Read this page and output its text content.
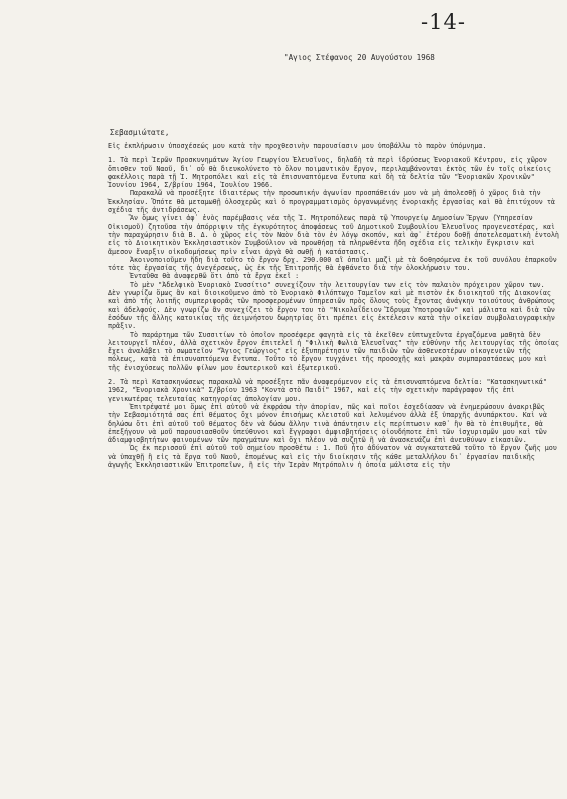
-14-
"Αγιος Στέφανος 20 Αυγούστου 1968
Σεβασμιώτατε,

Εἰς ἐκπλήρωσιν ὑποσχέσεώς μου κατὰ τὴν προχθεσινὴν παρουσίασιν μου ὑποβάλλω τὸ παρὸν ὑπόμνημα.

1. Τὰ περὶ Ἱερῶν Προσκυνημάτων Ἁγίου Γεωργίου Ἐλευσῖνος, δηλαδὴ τὰ περὶ ἱδρύσεως Ἐνοριακοῦ Κέντρου, εἰς χῶρον ὄπισθεν τοῦ Ναοῦ, δι᾽ οὗ θὰ διευκολύνετο τὸ ὅλον ποιμαντικὸν ἔργον, περιλαμβάνονται ἐκτὸς τῶν ἐν τοῖς οἰκείοις φακέλλοις παρὰ τῇ Ἱ. Μητροπόλει καὶ εἰς τὰ ἐπισυναπτόμενα ἔντυπα καὶ δὴ τὰ δελτία τῶν "Ἐνοριακῶν Χρονικῶν" Ἰουνίου 1964, Σ/βρίου 1964, Ἰουλίου 1966.

Παρακαλῶ νὰ προσέξητε ἰδιαιτέρως τὴν προσωπικήν ἀγωνίαν προσπάθειάν μου νὰ μὴ ἀπολεσθῇ ὁ χῶρος διὰ τὴν Ἐκκλησίαν. Ὅπότε θὰ μεταμωθῇ ὁλοσχερῶς καὶ ὁ προγραμματισμὸς ὀργανωμένης ἐνοριακῆς ἐργασίας καὶ θὰ ἐπιτύχουν τὰ σχέδια τῆς ἀντιδράσεως.

Ἂν ὅμως γίνει ἀφ᾽ ἑνὸς παρέμβασις νέα τῆς Ἱ. Μητροπόλεως παρὰ τῷ Ὑπουργείῳ Δημοσίων Ἔργων (Ὑπηρεσίαν Οἰκισμοῦ) ζητοῦσα τὴν ἀπόρριψιν τῆς ἐγκυρότητος ἀποφάσεως τοῦ Δημοτικοῦ Συμβουλίου Ἐλευσῖνος προγενεστέρας, καὶ τὴν παραχώρησιν διὰ Β. Δ. ὁ χῶρος εἰς τὸν Ναὸν διὰ τὸν ἐν λόγῳ σκοπόν, καὶ ἀφ᾽ ἑτέρου δοθῇ ἀποτελεσματικὴ ἐντολὴ εἰς τὸ Διοικητικὸν Ἐκκλησιαστικὸν Συμβούλιον νὰ προωθήσῃ τὰ πληρωθέντα ἤδη σχέδια εἰς τελικὴν ἔγκρισιν καὶ ἄμεσον ἔναρξιν οἰκοδομήσεως πρὶν εἶναι ἀργὰ θὰ σωθῇ ἡ κατάστασις.

Ἀκοινοποιοῦμεν ἤδη διὰ τοῦτο τὸ ἔργον δρχ. 290.000 αἳ ὁποῖαι μαζὶ μὲ τὰ δοθησόμενα ἐκ τοῦ συνόλου ἐπαρκοῦν τότε τὰς ἐργασίας τῆς ἀνεγέρσεως, ὡς ἐκ τῆς Ἐπιτροπῆς θὰ ἐφθάνετο διὰ τὴν ὁλοκλήρωσιν του.

Ἐνταῦθα θὰ ἀναφερθῶ ὅτι ἀπὸ τὰ ἔργα ἐκεῖ :

Τὸ μὲν "Ἀδελφικὸ Ἐνοριακὸ Συσσίτιο" συνεχίζουν τὴν λειτουργίαν των εἰς τὸν παλαιὸν πρόχειρον χῶρον των. Δὲν γνωρίζω ὅμως ἂν καὶ διοικοῦμενο ἀπὸ τὸ Ἐνοριακὸ Φιλόπτωχο Ταμεῖον καὶ μὲ πιστὸν ἐκ διοικητοῦ τῆς Διακονίας καὶ ἀπὸ τῆς λοιπῆς συμπεριφορᾶς τῶν προσφερομένων ὑπηρεσιῶν πρὸς ὅλους τοὺς ἔχοντας ἀνάγκην τοιούτους ἀνθρώπους καὶ ἀδελφούς. Δὲν γνωρίζω ἂν συνεχίζει τὸ ἔργον του τὸ "Νικολαΐδειον Ἵδρυμα Ὑποτροφιῶν" καὶ μάλιστα καὶ διὰ τῶν ἐσόδων τῆς ἄλλης κατοικίας τῆς ἀειμνήστου δωρητρίας ὅτι πρέπει εἰς ἐκτέλεσιν κατὰ τὴν οἰκείαν συμβολαιογραφικὴν πρᾶξιν.

Τὸ παράρτημα τῶν Συσσιτίων τὸ ὁποῖον προσέφερε φαγητὰ εἰς τὰ ἐκεῖθεν εὐπτωχεῦντα ἐργαζόμενα μαθητὰ δὲν λειτουργεῖ πλέον, ἀλλὰ σχετικὸν ἔργον ἐπιτελεῖ ἡ "Φιλικὴ Φωλιὰ Ἐλευσῖνας" τὴν εὐθύνην τῆς λειτουργίας τῆς ὁποίας ἔχει ἀναλάβει τὸ σωματεῖον "Ἅγιος Γεώργιος" εἰς ἐξυπηρέτησιν τῶν παιδιῶν τῶν ἀσθενεστέρων οἰκογενειῶν τῆς πόλεως, κατὰ τὰ ἐπισυναπτόμενα ἔντυπα. Τοῦτο τὸ ἔργον τυγχάνει τῆς προσοχῆς καὶ μακρὰν συμπαραστάσεως μου καὶ τῆς ἐνισχύσεως πολλῶν φίλων μου ἐσωτερικοῦ καὶ ἐξωτερικοῦ.

2. Τὰ περὶ Κατασκηνώσεως παρακαλῶ νὰ προσέξητε πᾶν ἀναφερόμενον εἰς τὰ ἐπισυναπτόμενα δελτία: "Κατασκηνωτικά" 1962, "Ἐνοριακὰ Χρονικὰ" Σ/βρίου 1963 "Κοντὰ στὸ Παιδί" 1967, καὶ εἰς τὴν σχετικὴν παράγραφον τῆς ἐπὶ γενικωτέρας τελευταίας κατηγορίας ἀπολογίαν μου.

Ἐπιτρέψατέ μοι ὅμως ἐπὶ αὐτοῦ νὰ ἐκφράσω τὴν ἀπορίαν, πῶς καὶ ποῖοι ἐσχεδίασαν νὰ ἐνημερώσουν ἀνακριβῶς τὴν Σεβασμιότητά σας ἐπὶ θέματος ὄχι μόνον ἐπισήμως κλειστοῦ καὶ λελυμένου ἀλλὰ ἐξ ὑπαρχῆς ἀνυπάρκτου. Καὶ νὰ δηλώσω ὅτι ἐπὶ αὐτοῦ τοῦ θέματος δὲν νὰ δώσω ἄλλην τινὰ ἀπάντησιν εἰς περίπτωσιν καθ᾽ ἣν θὰ τὸ ἐπιθυμῆτε, θὰ ἐπεξήγουν νὰ μοῦ παρουσιασθοῦν ὑπεύθυνοι καὶ ἔγγραφοι ἀμφισβητήσεις οἱουδήποτε ἐπὶ τῶν ἰσχυρισμῶν μου καὶ τῶν ἀδιαμφισβητήτων φαινομένων τῶν πραγμάτων καὶ ὄχι πλέον νὰ συζητῶ ἢ νὰ ἀνασκευάζω ἐπὶ ἀνευθύνων εἰκασιῶν.

Ὡς ἐκ περισσοῦ ἐπὶ αὐτοῦ τοῦ σημείου προσθέτω : 1. Ποῦ ἦτο ἀδύνατον νὰ συγκατατεθῶ τοῦτο τὸ ἔργον ζωῆς μου νὰ ὑπαχθῇ ἢ εἰς τὰ ἔργα τοῦ Ναοῦ, ἑπομένως καὶ εἰς τὴν διοίκησιν τῆς κάθε μεταλλήλου δι᾽ ἐργασίαν παιδικῆς ἀγωγῆς Ἐκκλησιαστικῶν Ἐπιτροπεῖων, ἢ εἰς τὴν Ἱερὰν Μητρόπολιν ἡ ὁποία μάλιστα εἰς τὴν
